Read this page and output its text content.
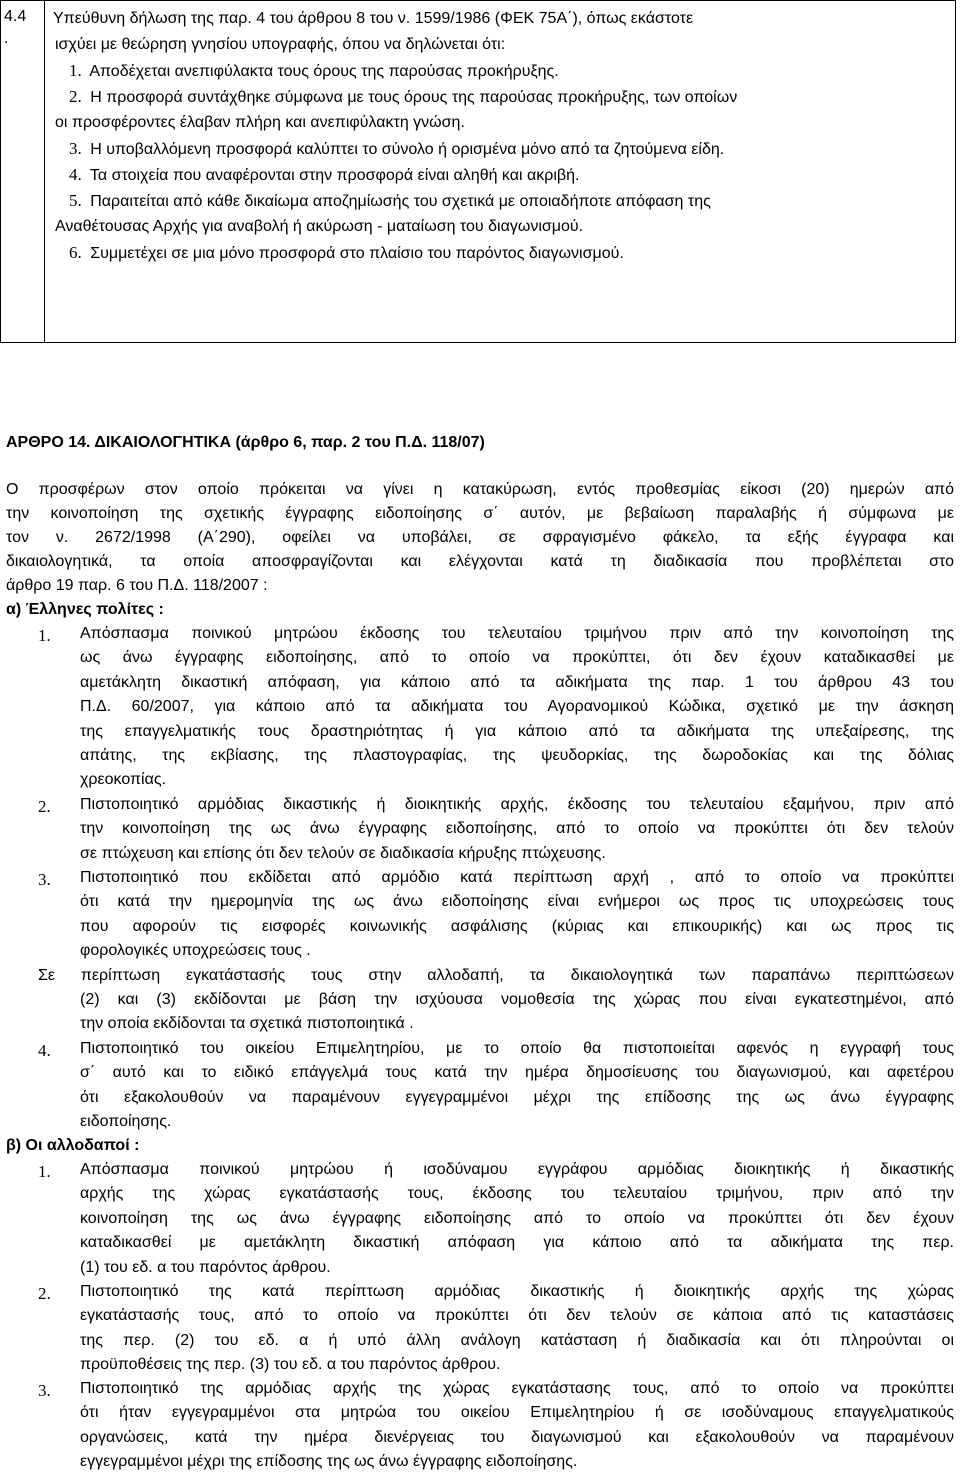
4.4
.
Υπεύθυνη δήλωση της παρ. 4 του άρθρου 8 του ν. 1599/1986 (ΦΕΚ 75Α΄), όπως εκάστοτε
ισχύει με θεώρηση γνησίου υπογραφής, όπου να δηλώνεται ότι:
1. Αποδέχεται ανεπιφύλακτα τους όρους της παρούσας προκήρυξης.
2. Η προσφορά συντάχθηκε σύμφωνα με τους όρους της παρούσας προκήρυξης, των οποίων
οι προσφέροντες έλαβαν πλήρη και ανεπιφύλακτη γνώση.
3. Η υποβαλλόμενη προσφορά καλύπτει το σύνολο ή ορισμένα μόνο από τα ζητούμενα είδη.
4. Τα στοιχεία που αναφέρονται στην προσφορά είναι αληθή και ακριβή.
5. Παραιτείται από κάθε δικαίωμα αποζημίωσής του σχετικά με οποιαδήποτε απόφαση της
Αναθέτουσας Αρχής για αναβολή ή ακύρωση - ματαίωση του διαγωνισμού.
6. Συμμετέχει σε μια μόνο προσφορά στο πλαίσιο του παρόντος διαγωνισμού.
ΑΡΘΡΟ 14. ΔΙΚΑΙΟΛΟΓΗΤΙΚΑ (άρθρο 6, παρ. 2 του Π.Δ. 118/07)
Ο προσφέρων στον οποίο πρόκειται να γίνει η κατακύρωση, εντός προθεσμίας είκοσι (20) ημερών από
την κοινοποίηση της σχετικής έγγραφης ειδοποίησης σ΄ αυτόν, με βεβαίωση παραλαβής ή σύμφωνα με
τον ν. 2672/1998 (Α΄290), οφείλει να υποβάλει, σε σφραγισμένο φάκελο, τα εξής έγγραφα και
δικαιολογητικά, τα οποία αποσφραγίζονται και ελέγχονται κατά τη διαδικασία που προβλέπεται στο
άρθρο 19 παρ. 6 του Π.Δ. 118/2007 :
α) Έλληνες πολίτες :
1. Απόσπασμα ποινικού μητρώου έκδοσης του τελευταίου τριμήνου πριν από την κοινοποίηση της
ως άνω έγγραφης ειδοποίησης, από το οποίο να προκύπτει, ότι δεν έχουν καταδικασθεί με
αμετάκλητη δικαστική απόφαση, για κάποιο από τα αδικήματα της παρ. 1 του άρθρου 43 του
Π.Δ. 60/2007, για κάποιο από τα αδικήματα του Αγορανομικού Κώδικα, σχετικό με την άσκηση
της επαγγελματικής τους δραστηριότητας ή για κάποιο από τα αδικήματα της υπεξαίρεσης, της
απάτης, της εκβίασης, της πλαστογραφίας, της ψευδορκίας, της δωροδοκίας και της δόλιας
χρεοκοπίας.
2. Πιστοποιητικό αρμόδιας δικαστικής ή διοικητικής αρχής, έκδοσης του τελευταίου εξαμήνου, πριν από
την κοινοποίηση της ως άνω έγγραφης ειδοποίησης, από το οποίο να προκύπτει ότι δεν τελούν
σε πτώχευση και επίσης ότι δεν τελούν σε διαδικασία κήρυξης πτώχευσης.
3. Πιστοποιητικό που εκδίδεται από αρμόδιο κατά περίπτωση αρχή , από το οποίο να προκύπτει
ότι κατά την ημερομηνία της ως άνω ειδοποίησης είναι ενήμεροι ως προς τις υποχρεώσεις τους
που αφορούν τις εισφορές κοινωνικής ασφάλισης (κύριας και επικουρικής) και ως προς τις
φορολογικές υποχρεώσεις τους .
Σε περίπτωση εγκατάστασής τους στην αλλοδαπή, τα δικαιολογητικά των παραπάνω περιπτώσεων
(2) και (3) εκδίδονται με βάση την ισχύουσα νομοθεσία της χώρας που είναι εγκατεστημένοι, από
την οποία εκδίδονται τα σχετικά πιστοποιητικά .
4. Πιστοποιητικό του οικείου Επιμελητηρίου, με το οποίο θα πιστοποιείται αφενός η εγγραφή τους
σ΄ αυτό και το ειδικό επάγγελμά τους κατά την ημέρα δημοσίευσης του διαγωνισμού, και αφετέρου
ότι εξακολουθούν να παραμένουν εγγεγραμμένοι μέχρι της επίδοσης της ως άνω έγγραφης
ειδοποίησης.
β) Οι αλλοδαποί :
1. Απόσπασμα ποινικού μητρώου ή ισοδύναμου εγγράφου αρμόδιας διοικητικής ή δικαστικής
αρχής της χώρας εγκατάστασής τους, έκδοσης του τελευταίου τριμήνου, πριν από την
κοινοποίηση της ως άνω έγγραφης ειδοποίησης από το οποίο να προκύπτει ότι δεν έχουν
καταδικασθεί με αμετάκλητη δικαστική απόφαση για κάποιο από τα αδικήματα της περ.
(1) του εδ. α του παρόντος άρθρου.
2. Πιστοποιητικό της κατά περίπτωση αρμόδιας δικαστικής ή διοικητικής αρχής της χώρας
εγκατάστασής τους, από το οποίο να προκύπτει ότι δεν τελούν σε κάποια από τις καταστάσεις
της περ. (2) του εδ. α ή υπό άλλη ανάλογη κατάσταση ή διαδικασία και ότι πληρούνται οι
προϋποθέσεις της περ. (3) του εδ. α του παρόντος άρθρου.
3. Πιστοποιητικό της αρμόδιας αρχής της χώρας εγκατάστασης τους, από το οποίο να προκύπτει
ότι ήταν εγγεγραμμένοι στα μητρώα του οικείου Επιμελητηρίου ή σε ισοδύναμους επαγγελματικούς
οργανώσεις, κατά την ημέρα διενέργειας του διαγωνισμού και εξακολουθούν να παραμένουν
εγγεγραμμένοι μέχρι της επίδοσης της ως άνω έγγραφης ειδοποίησης.
